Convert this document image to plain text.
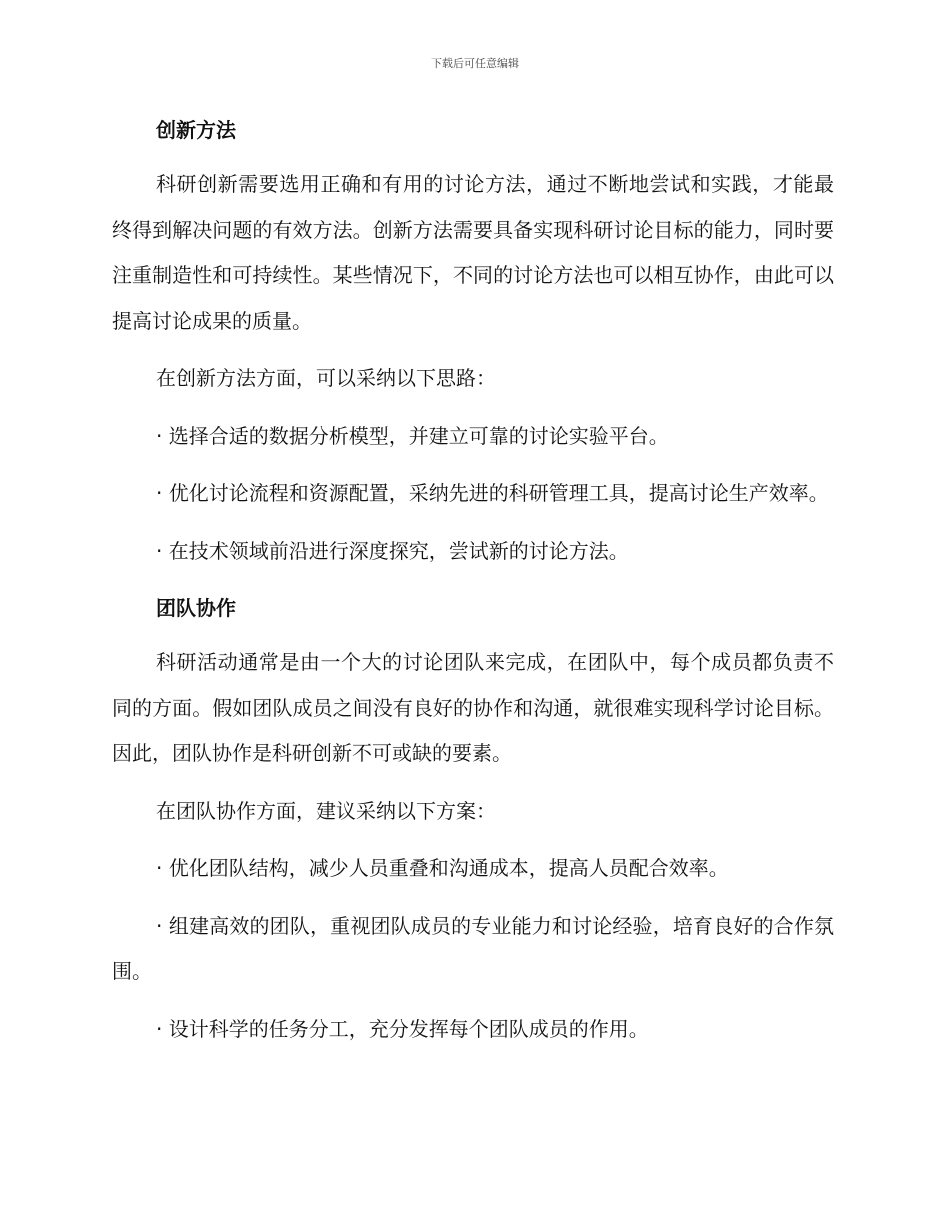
下载后可任意编辑
创新方法

科研创新需要选用正确和有用的讨论方法，通过不断地尝试和实践，才能最终得到解决问题的有效方法。创新方法需要具备实现科研讨论目标的能力，同时要注重制造性和可持续性。某些情况下，不同的讨论方法也可以相互协作，由此可以提高讨论成果的质量。

在创新方法方面，可以采纳以下思路：

· 选择合适的数据分析模型，并建立可靠的讨论实验平台。

· 优化讨论流程和资源配置，采纳先进的科研管理工具，提高讨论生产效率。

· 在技术领域前沿进行深度探究，尝试新的讨论方法。

团队协作

科研活动通常是由一个大的讨论团队来完成，在团队中，每个成员都负责不同的方面。假如团队成员之间没有良好的协作和沟通，就很难实现科学讨论目标。因此，团队协作是科研创新不可或缺的要素。

在团队协作方面，建议采纳以下方案：

· 优化团队结构，减少人员重叠和沟通成本，提高人员配合效率。

· 组建高效的团队，重视团队成员的专业能力和讨论经验，培育良好的合作氛围。

· 设计科学的任务分工，充分发挥每个团队成员的作用。
